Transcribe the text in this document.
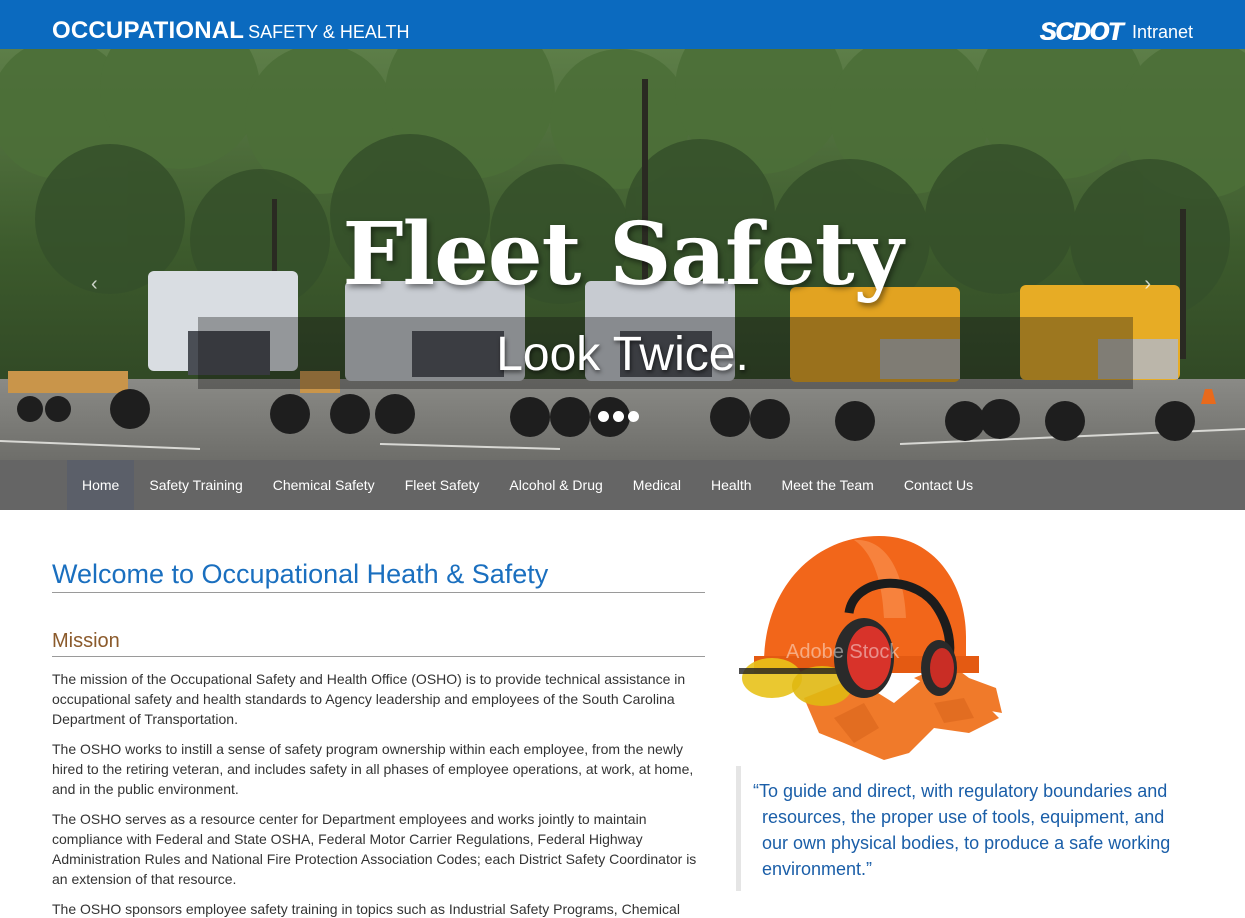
OCCUPATIONAL SAFETY & HEALTH	SCDOT Intranet
Fleet Safety
Look Twice.
‹	›
Home	Safety Training	Chemical Safety	Fleet Safety	Alcohol & Drug	Medical	Health	Meet the Team	Contact Us
Welcome to Occupational Heath & Safety
Mission

The mission of the Occupational Safety and Health Office (OSHO) is to provide technical assistance in occupational safety and health standards to Agency leadership and employees of the South Carolina Department of Transportation.

The OSHO works to instill a sense of safety program ownership within each employee, from the newly hired to the retiring veteran, and includes safety in all phases of employee operations, at work, at home, and in the public environment.

The OSHO serves as a resource center for Department employees and works jointly to maintain compliance with Federal and State OSHA, Federal Motor Carrier Regulations, Federal Highway Administration Rules and National Fire Protection Association Codes; each District Safety Coordinator is an extension of that resource.

The OSHO sponsors employee safety training in topics such as Industrial Safety Programs, Chemical

Adobe Stock
“To guide and direct, with regulatory boundaries and resources, the proper use of tools, equipment, and our own physical bodies, to produce a safe working environment.”
